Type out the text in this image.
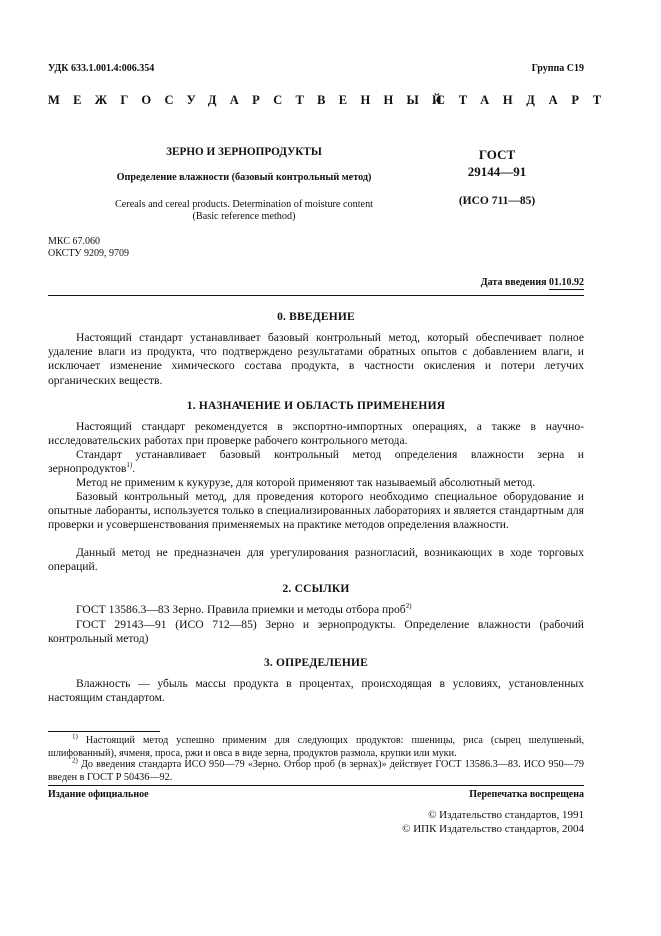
УДК 633.1.001.4:006.354	Группа С19
МЕЖГОСУДАРСТВЕННЫЙ
СТАНДАРТ
ЗЕРНО И ЗЕРНОПРОДУКТЫ
Определение влажности (базовый контрольный метод)
Cereals and cereal products. Determination of moisture content
(Basic reference method)
ГОСТ
29144—91
(ИСО 711—85)
МКС 67.060
ОКСТУ 9209, 9709
Дата введения 01.10.92
0. ВВЕДЕНИЕ
Настоящий стандарт устанавливает базовый контрольный метод, который обеспечивает полное удаление влаги из продукта, что подтверждено результатами обратных опытов с добавлением влаги, и исключает изменение химического состава продукта, в частности окисления и потери летучих органических веществ.
1. НАЗНАЧЕНИЕ И ОБЛАСТЬ ПРИМЕНЕНИЯ
Настоящий стандарт рекомендуется в экспортно-импортных операциях, а также в научно-исследовательских работах при проверке рабочего контрольного метода.
Стандарт устанавливает базовый контрольный метод определения влажности зерна и зернопродуктов$^{1)}$.
Метод не применим к кукурузе, для которой применяют так называемый абсолютный метод.
Базовый контрольный метод, для проведения которого необходимо специальное оборудование и опытные лаборанты, используется только в специализированных лабораториях и является стандартным для проверки и усовершенствования применяемых на практике методов определения влажности.
Данный метод не предназначен для урегулирования разногласий, возникающих в ходе торговых операций.
2. ССЫЛКИ
ГОСТ 13586.3—83 Зерно. Правила приемки и методы отбора проб$^{2)}$
ГОСТ 29143—91 (ИСО 712—85) Зерно и зернопродукты. Определение влажности (рабочий контрольный метод)
3. ОПРЕДЕЛЕНИЕ
Влажность — убыль массы продукта в процентах, происходящая в условиях, установленных настоящим стандартом.
$^{1)}$ Настоящий метод успешно применим для следующих продуктов: пшеницы, риса (сырец шелушеный, шлифованный), ячменя, проса, ржи и овса в виде зерна, продуктов размола, крупки или муки.
$^{2)}$ До введения стандарта ИСО 950—79 «Зерно. Отбор проб (в зернах)» действует ГОСТ 13586.3—83. ИСО 950—79 введен в ГОСТ Р 50436—92.
Издание официальное	Перепечатка воспрещена
© Издательство стандартов, 1991
© ИПК Издательство стандартов, 2004
